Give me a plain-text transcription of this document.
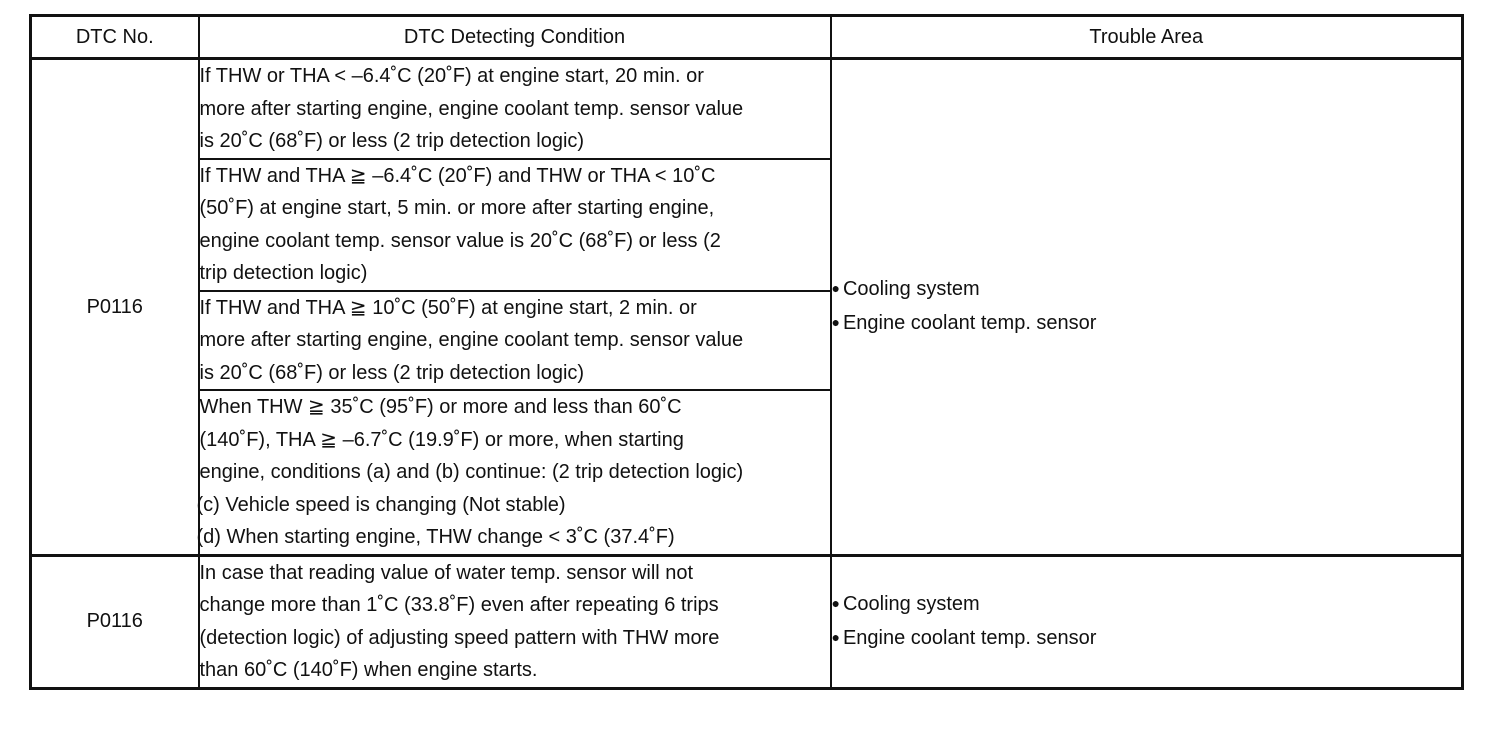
DTC No.	DTC Detecting Condition	Trouble Area
P0116	If THW or THA < –6.4˚C (20˚F) at engine start, 20 min. or
more after starting engine, engine coolant temp. sensor value
is 20˚C (68˚F) or less (2 trip detection logic)	● Cooling system
● Engine coolant temp. sensor

	If THW and THA ≧ –6.4˚C (20˚F) and THW or THA < 10˚C
(50˚F) at engine start, 5 min. or more after starting engine,
engine coolant temp. sensor value is 20˚C (68˚F) or less (2
trip detection logic)	

	If THW and THA ≧ 10˚C (50˚F) at engine start, 2 min. or
more after starting engine, engine coolant temp. sensor value
is 20˚C (68˚F) or less (2 trip detection logic)	

	When THW ≧ 35˚C (95˚F) or more and less than 60˚C
(140˚F), THA ≧ –6.7˚C (19.9˚F) or more, when starting
engine, conditions (a) and (b) continue: (2 trip detection logic)
(c) Vehicle speed is changing (Not stable)
(d) When starting engine, THW change < 3˚C (37.4˚F)	

P0116	In case that reading value of water temp. sensor will not
change more than 1˚C (33.8˚F) even after repeating 6 trips
(detection logic) of adjusting speed pattern with THW more
than 60˚C (140˚F) when engine starts.	● Cooling system
● Engine coolant temp. sensor
